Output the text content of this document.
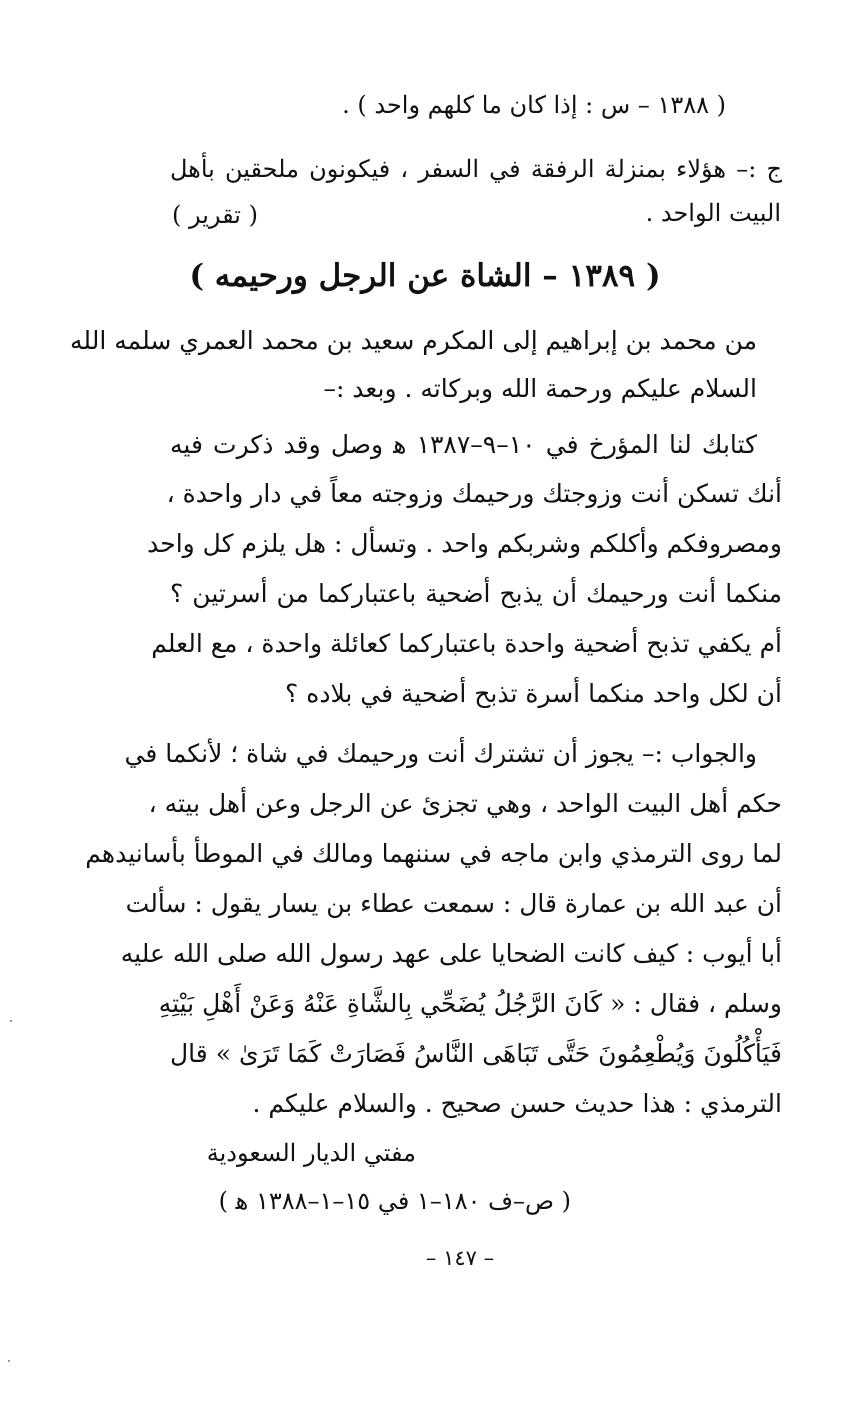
( ١٣٨٨ – س : إذا كان ما كلهم واحد ) .
ج :– هؤلاء بمنزلة الرفقة في السفر ، فيكونون ملحقين بأهل
البيت الواحد .
( تقرير )
( ١٣٨٩ – الشاة عن الرجل ورحيمه )
من محمد بن إبراهيم إلى المكرم سعيد بن محمد العمري سلمه الله
السلام عليكم ورحمة الله وبركاته . وبعد :–
كتابك لنا المؤرخ في ١٠–٩–١٣٨٧ ﻫ وصل وقد ذكرت فيه
أنك تسكن أنت وزوجتك ورحيمك وزوجته معاً في دار واحدة ،
ومصروفكم وأكلكم وشربكم واحد . وتسأل : هل يلزم كل واحد
منكما أنت ورحيمك أن يذبح أضحية باعتباركما من أسرتين ؟
أم يكفي تذبح أضحية واحدة باعتباركما كعائلة واحدة ، مع العلم
أن لكل واحد منكما أسرة تذبح أضحية في بلاده ؟
والجواب :– يجوز أن تشترك أنت ورحيمك في شاة ؛ لأنكما في
حكم أهل البيت الواحد ، وهي تجزئ عن الرجل وعن أهل بيته ،
لما روى الترمذي وابن ماجه في سننهما ومالك في الموطأ بأسانيدهم
أن عبد الله بن عمارة قال : سمعت عطاء بن يسار يقول : سألت
أبا أيوب : كيف كانت الضحايا على عهد رسول الله صلى الله عليه
وسلم ، فقال : « كَانَ الرَّجُلُ يُضَحِّي بِالشَّاةِ عَنْهُ وَعَنْ أَهْلِ بَيْتِهِ
فَيَأْكُلُونَ وَيُطْعِمُونَ حَتَّى تَبَاهَى النَّاسُ فَصَارَتْ كَمَا تَرَىٰ » قال
الترمذي : هذا حديث حسن صحيح . والسلام عليكم .
مفتي الديار السعودية
( ص–ف ١٨٠–١ في ١٥–١–١٣٨٨ ﻫ )
– ١٤٧ –
